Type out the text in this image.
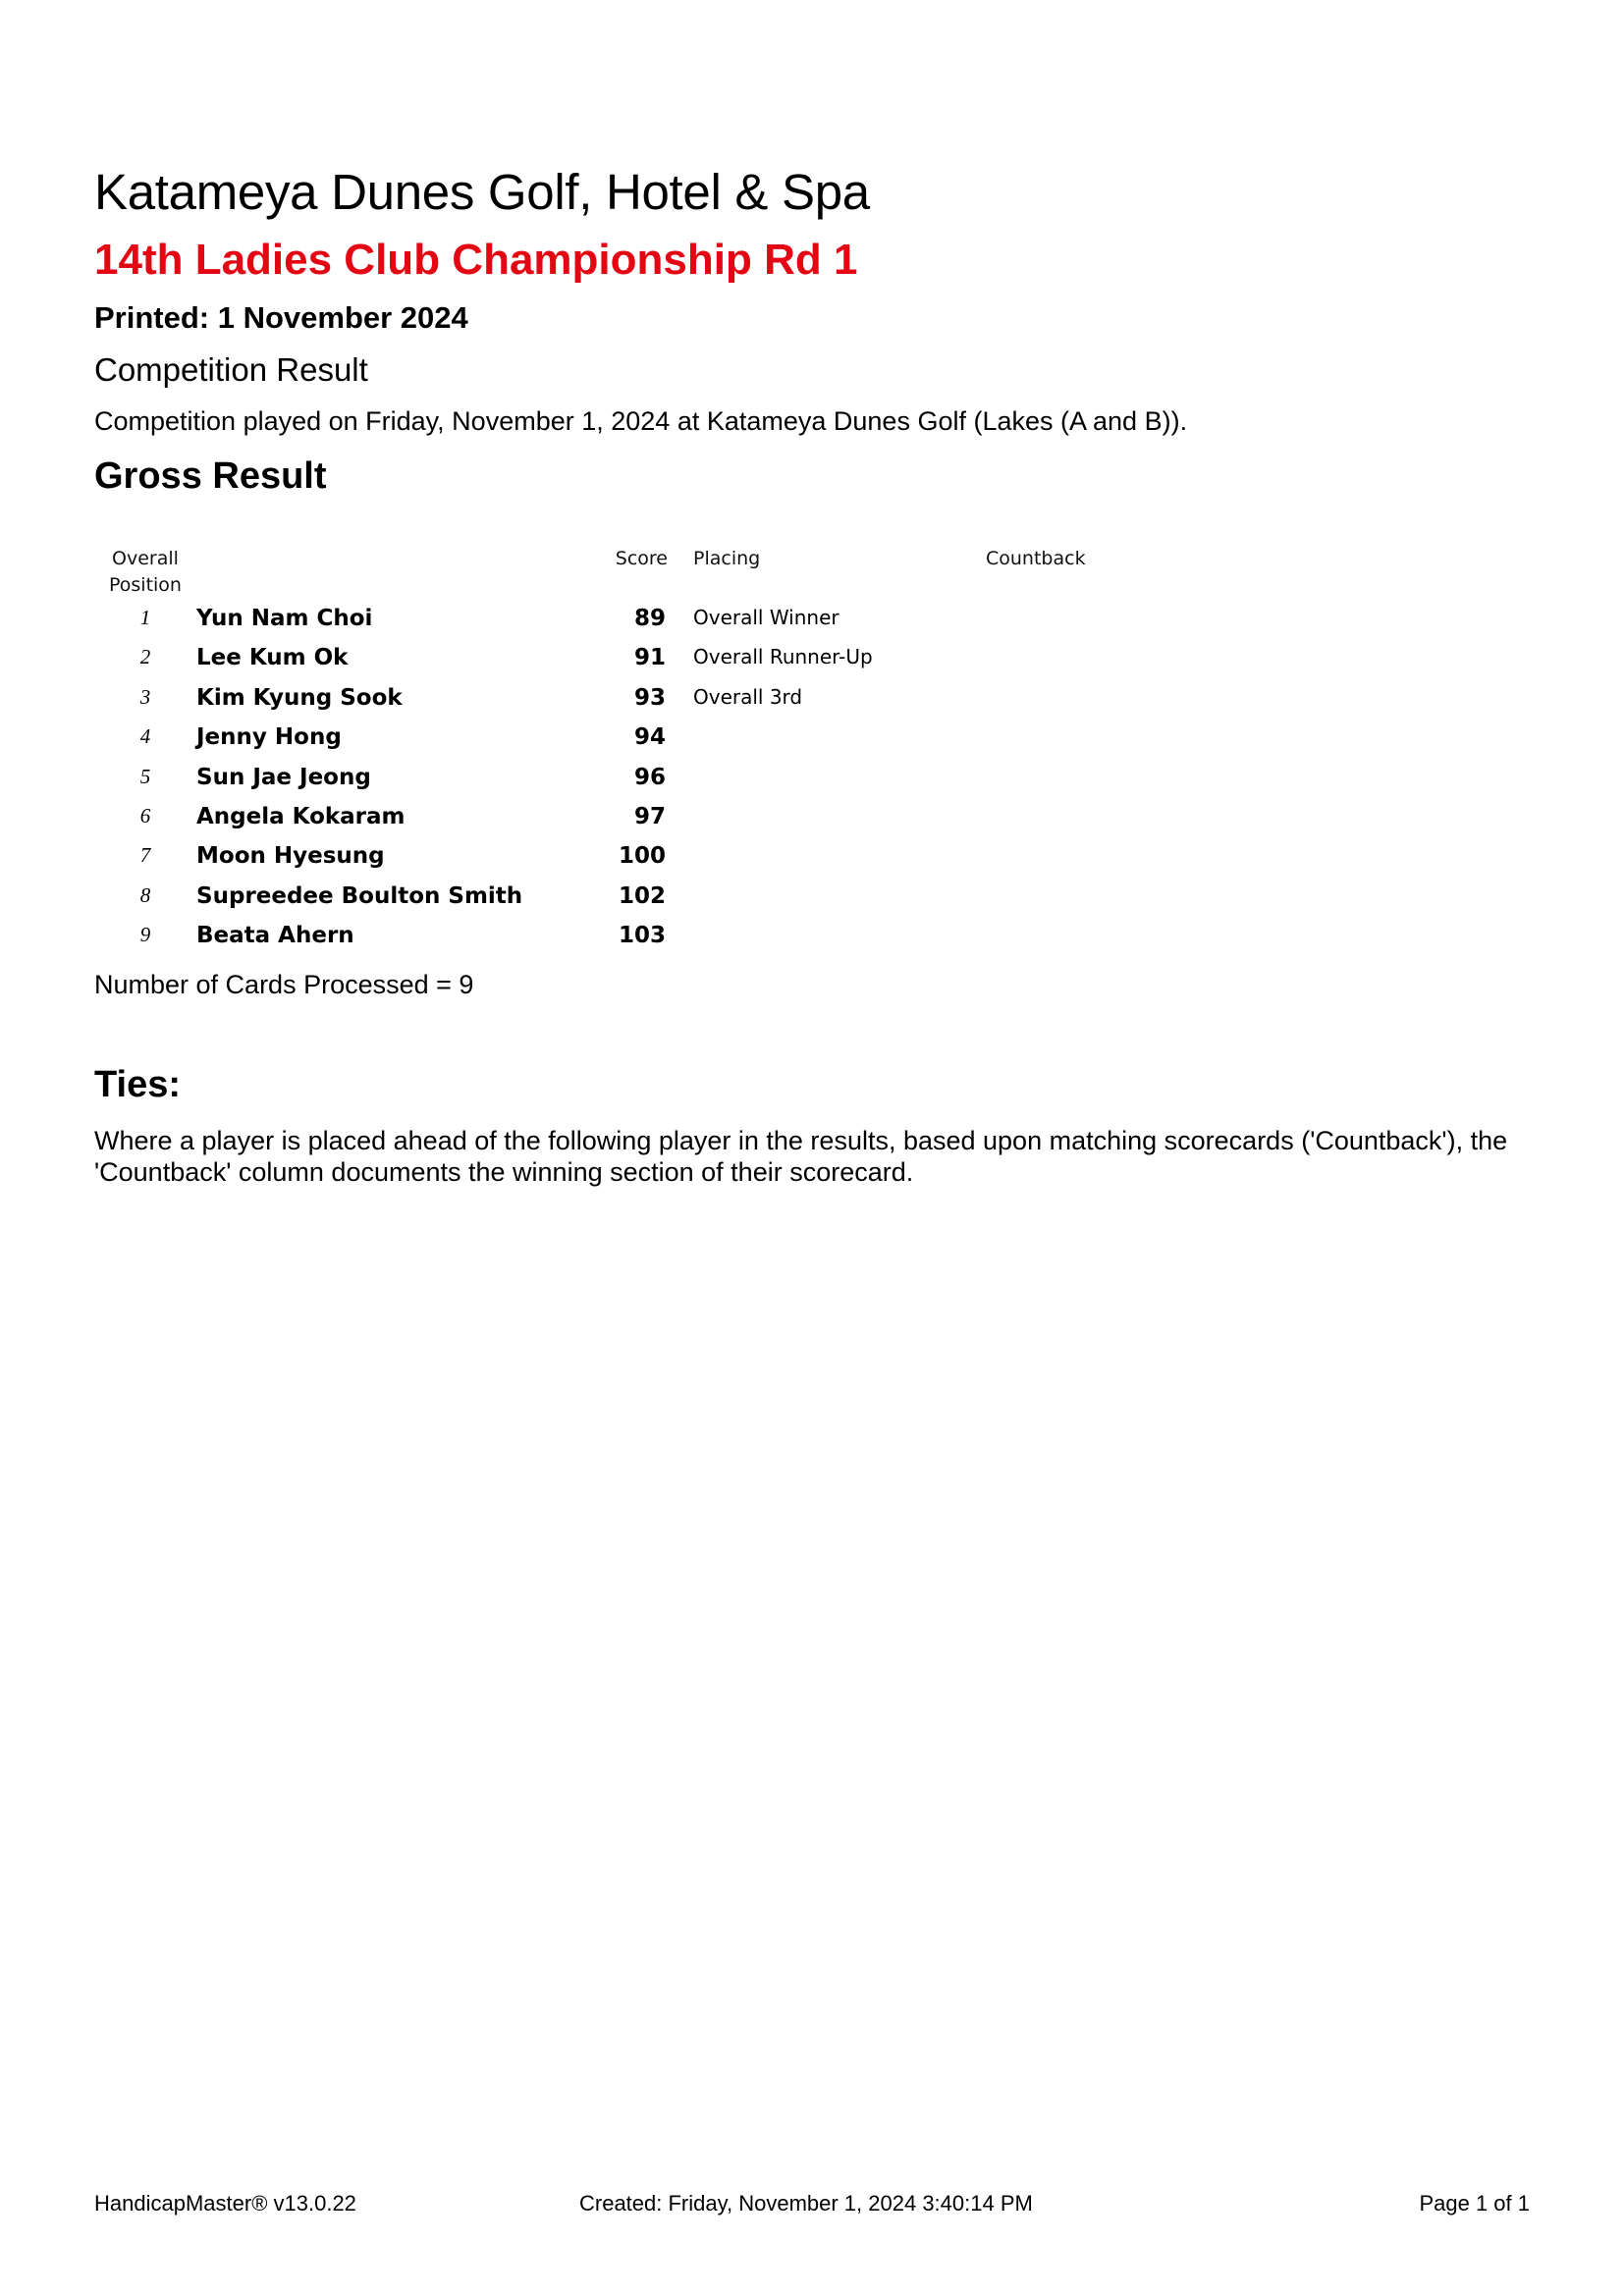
Katameya Dunes Golf, Hotel & Spa
14th Ladies Club Championship Rd 1
Printed: 1 November 2024
Competition Result
Competition played on Friday, November 1, 2024 at Katameya Dunes Golf (Lakes (A and B)).
Gross Result
Overall
Position
Score Placing	Countback
1	Yun Nam Choi	89 Overall Winner
2	Lee Kum Ok	91 Overall Runner-Up
3	Kim Kyung Sook	93 Overall 3rd
4	Jenny Hong	94
5	Sun Jae Jeong	96
6	Angela Kokaram	97
7	Moon Hyesung	100
8	Supreedee Boulton Smith	102
9	Beata Ahern	103
Number of Cards Processed = 9
Ties:
Where a player is placed ahead of the following player in the results, based upon matching scorecards ('Countback'), the 'Countback' column documents the winning section of their scorecard.
HandicapMaster® v13.0.22	Created: Friday, November 1, 2024 3:40:14 PM	Page 1 of 1
